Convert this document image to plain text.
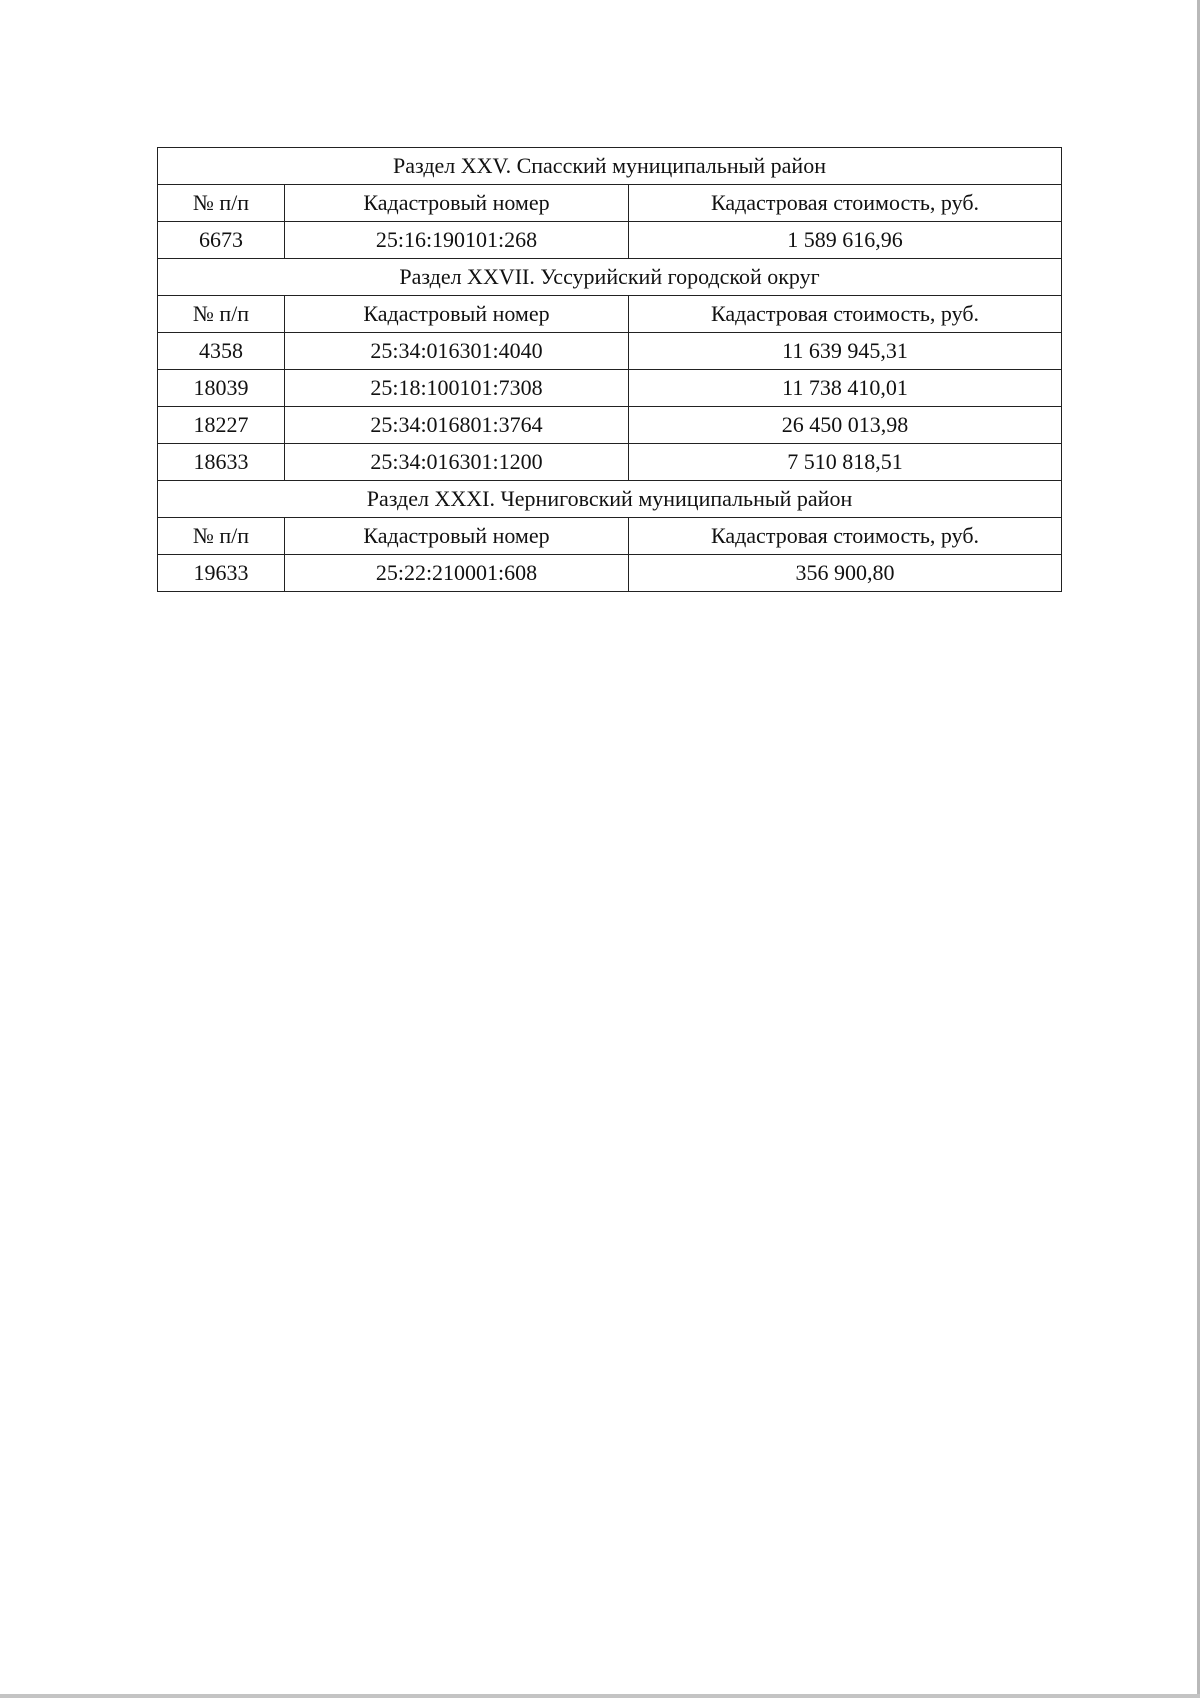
Раздел XXV. Спасский муниципальный район		
№ п/п	Кадастровый номер	Кадастровая стоимость, руб.
6673	25:16:190101:268	1 589 616,96
Раздел XXVII. Уссурийский городской округ		
№ п/п	Кадастровый номер	Кадастровая стоимость, руб.
4358	25:34:016301:4040	11 639 945,31
18039	25:18:100101:7308	11 738 410,01
18227	25:34:016801:3764	26 450 013,98
18633	25:34:016301:1200	7 510 818,51
Раздел XXXI. Черниговский муниципальный район		
№ п/п	Кадастровый номер	Кадастровая стоимость, руб.
19633	25:22:210001:608	356 900,80
